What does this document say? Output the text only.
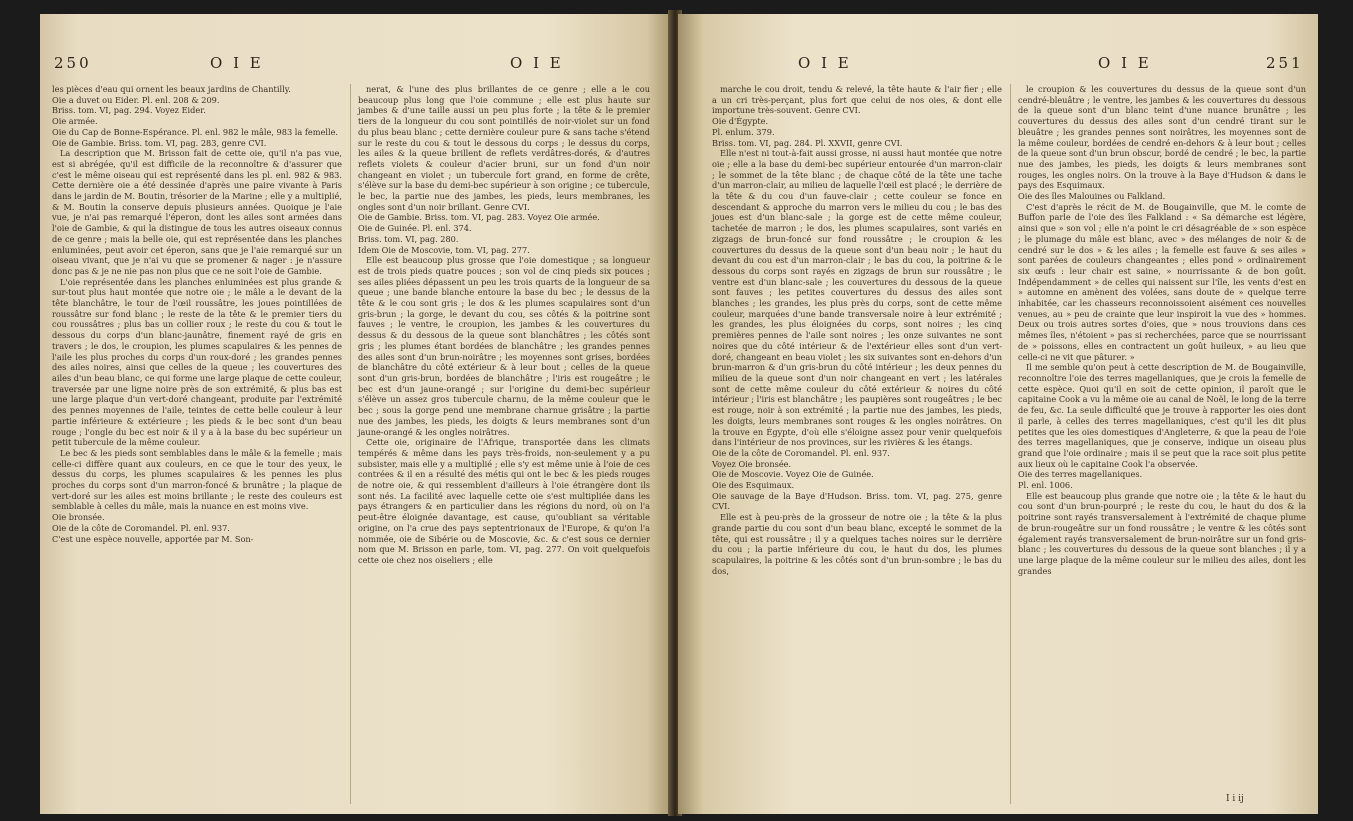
250	O I E	O I E

les pièces d'eau qui ornent les beaux jardins de Chantilly.

Oie a duvet ou Eider. Pl. enl. 208 & 209.

Briss. tom. VI, pag. 294. Voyez Eider.

Oie armée.

Oie du Cap de Bonne-Espérance. Pl. enl. 982 le mâle, 983 la femelle.

Oie de Gambie. Briss. tom. VI, pag. 283, genre CVI.

La description que M. Brisson fait de cette oie, qu'il n'a pas vue, est si abrégée, qu'il est difficile de la reconnoître & d'assurer que c'est le même oiseau qui est représenté dans les pl. enl. 982 & 983. Cette dernière oie a été dessinée d'après une paire vivante à Paris dans le jardin de M. Boutin, trésorier de la Marine ; elle y a multiplié, & M. Boutin la conserve depuis plusieurs années. Quoique je l'aie vue, je n'ai pas remarqué l'éperon, dont les ailes sont armées dans l'oie de Gambie, & qui la distingue de tous les autres oiseaux connus de ce genre ; mais la belle oie, qui est représentée dans les planches enluminées, peut avoir cet éperon, sans que je l'aie remarqué sur un oiseau vivant, que je n'ai vu que se promener & nager : je n'assure donc pas & je ne nie pas non plus que ce ne soit l'oie de Gambie.

L'oie représentée dans les planches enluminées est plus grande & sur-tout plus haut montée que notre oie ; le mâle a le devant de la tête blanchâtre, le tour de l'œil roussâtre, les joues pointillées de roussâtre sur fond blanc ; le reste de la tête & le premier tiers du cou roussâtres ; plus bas un collier roux ; le reste du cou & tout le dessous du corps d'un blanc-jaunâtre, finement rayé de gris en travers ; le dos, le croupion, les plumes scapulaires & les pennes de l'aile les plus proches du corps d'un roux-doré ; les grandes pennes des ailes noires, ainsi que celles de la queue ; les couvertures des ailes d'un beau blanc, ce qui forme une large plaque de cette couleur, traversée par une ligne noire près de son extrémité, & plus bas est une large plaque d'un vert-doré changeant, produite par l'extrémité des pennes moyennes de l'aile, teintes de cette belle couleur à leur partie inférieure & extérieure ; les pieds & le bec sont d'un beau rouge ; l'ongle du bec est noir & il y a à la base du bec supérieur un petit tubercule de la même couleur.

Le bec & les pieds sont semblables dans le mâle & la femelle ; mais celle-ci diffère quant aux couleurs, en ce que le tour des yeux, le dessus du corps, les plumes scapulaires & les pennes les plus proches du corps sont d'un marron-foncé & brunâtre ; la plaque de vert-doré sur les ailes est moins brillante ; le reste des couleurs est semblable à celles du mâle, mais la nuance en est moins vive.

Oie bronsée.

Oie de la côte de Coromandel. Pl. enl. 937.

C'est une espèce nouvelle, apportée par M. Son-

nerat, & l'une des plus brillantes de ce genre ; elle a le cou beaucoup plus long que l'oie commune ; elle est plus haute sur jambes & d'une taille aussi un peu plus forte ; la tête & le premier tiers de la longueur du cou sont pointillés de noir-violet sur un fond du plus beau blanc ; cette dernière couleur pure & sans tache s'étend sur le reste du cou & tout le dessous du corps ; le dessus du corps, les ailes & la queue brillent de reflets verdâtres-dorés, & d'autres reflets violets & couleur d'acier bruni, sur un fond d'un noir changeant en violet ; un tubercule fort grand, en forme de crête, s'élève sur la base du demi-bec supérieur à son origine ; ce tubercule, le bec, la partie nue des jambes, les pieds, leurs membranes, les ongles sont d'un noir brillant. Genre CVI.

Oie de Gambie. Briss. tom. VI, pag. 283. Voyez Oie armée.

Oie de Guinée. Pl. enl. 374.

Briss. tom. VI, pag. 280.

Idem Oie de Moscovie, tom. VI, pag. 277.

Elle est beaucoup plus grosse que l'oie domestique ; sa longueur est de trois pieds quatre pouces ; son vol de cinq pieds six pouces ; ses ailes pliées dépassent un peu les trois quarts de la longueur de sa queue ; une bande blanche entoure la base du bec ; le dessus de la tête & le cou sont gris ; le dos & les plumes scapulaires sont d'un gris-brun ; la gorge, le devant du cou, ses côtés & la poitrine sont fauves ; le ventre, le croupion, les jambes & les couvertures du dessus & du dessous de la queue sont blanchâtres ; les côtés sont gris ; les plumes étant bordées de blanchâtre ; les grandes pennes des ailes sont d'un brun-noirâtre ; les moyennes sont grises, bordées de blanchâtre du côté extérieur & à leur bout ; celles de la queue sont d'un gris-brun, bordées de blanchâtre ; l'iris est rougeâtre ; le bec est d'un jaune-orangé ; sur l'origine du demi-bec supérieur s'élève un assez gros tubercule charnu, de la même couleur que le bec ; sous la gorge pend une membrane charnue grisâtre ; la partie nue des jambes, les pieds, les doigts & leurs membranes sont d'un jaune-orangé & les ongles noirâtres.

Cette oie, originaire de l'Afrique, transportée dans les climats tempérés & même dans les pays très-froids, non-seulement y a pu subsister, mais elle y a multiplié ; elle s'y est même unie à l'oie de ces contrées & il en a résulté des métis qui ont le bec & les pieds rouges de notre oie, & qui ressemblent d'ailleurs à l'oie étrangère dont ils sont nés. La facilité avec laquelle cette oie s'est multipliée dans les pays étrangers & en particulier dans les régions du nord, où on l'a peut-être éloignée davantage, est cause, qu'oubliant sa véritable origine, on l'a crue des pays septentrionaux de l'Europe, & qu'on l'a nommée, oie de Sibérie ou de Moscovie, &c. & c'est sous ce dernier nom que M. Brisson en parle, tom. VI, pag. 277. On voit quelquefois cette oie chez nos oiseliers ; elle

O I E	O I E	251

marche le cou droit, tendu & relevé, la tête haute & l'air fier ; elle a un cri très-perçant, plus fort que celui de nos oies, & dont elle importune très-souvent. Genre CVI.

Oie d'Égypte.

Pl. enlum. 379.

Briss. tom. VI, pag. 284. Pl. XXVII, genre CVI.

Elle n'est ni tout-à-fait aussi grosse, ni aussi haut montée que notre oie ; elle a la base du demi-bec supérieur entourée d'un marron-clair ; le sommet de la tête blanc ; de chaque côté de la tête une tache d'un marron-clair, au milieu de laquelle l'œil est placé ; le derrière de la tête & du cou d'un fauve-clair ; cette couleur se fonce en descendant & approche du marron vers le milieu du cou ; le bas des joues est d'un blanc-sale ; la gorge est de cette même couleur, tachetée de marron ; le dos, les plumes scapulaires, sont variés en zigzags de brun-foncé sur fond roussâtre ; le croupion & les couvertures du dessus de la queue sont d'un beau noir ; le haut du devant du cou est d'un marron-clair ; le bas du cou, la poitrine & le dessous du corps sont rayés en zigzags de brun sur roussâtre ; le ventre est d'un blanc-sale ; les couvertures du dessous de la queue sont fauves ; les petites couvertures du dessus des ailes sont blanches ; les grandes, les plus près du corps, sont de cette même couleur, marquées d'une bande transversale noire à leur extrémité ; les grandes, les plus éloignées du corps, sont noires ; les cinq premières pennes de l'aile sont noires ; les onze suivantes ne sont noires que du côté intérieur & de l'extérieur elles sont d'un vert-doré, changeant en beau violet ; les six suivantes sont en-dehors d'un brun-marron & d'un gris-brun du côté intérieur ; les deux pennes du milieu de la queue sont d'un noir changeant en vert ; les latérales sont de cette même couleur du côté extérieur & noires du côté intérieur ; l'iris est blanchâtre ; les paupières sont rougeâtres ; le bec est rouge, noir à son extrémité ; la partie nue des jambes, les pieds, les doigts, leurs membranes sont rouges & les ongles noirâtres. On la trouve en Égypte, d'où elle s'éloigne assez pour venir quelquefois dans l'intérieur de nos provinces, sur les rivières & les étangs.

Oie de la côte de Coromandel. Pl. enl. 937.

Voyez Oie bronsée.

Oie de Moscovie. Voyez Oie de Guinée.

Oie des Esquimaux.

Oie sauvage de la Baye d'Hudson. Briss. tom. VI, pag. 275, genre CVI.

Elle est à peu-près de la grosseur de notre oie ; la tête & la plus grande partie du cou sont d'un beau blanc, excepté le sommet de la tête, qui est roussâtre ; il y a quelques taches noires sur le derrière du cou ; la partie inférieure du cou, le haut du dos, les plumes scapulaires, la poitrine & les côtés sont d'un brun-sombre ; le bas du dos,

le croupion & les couvertures du dessus de la queue sont d'un cendré-bleuâtre ; le ventre, les jambes & les couvertures du dessous de la queue sont d'un blanc teint d'une nuance brunâtre ; les couvertures du dessus des ailes sont d'un cendré tirant sur le bleuâtre ; les grandes pennes sont noirâtres, les moyennes sont de la même couleur, bordées de cendré en-dehors & à leur bout ; celles de la queue sont d'un brun obscur, bordé de cendré ; le bec, la partie nue des jambes, les pieds, les doigts & leurs membranes sont rouges, les ongles noirs. On la trouve à la Baye d'Hudson & dans le pays des Esquimaux.

Oie des îles Malouines ou Falkland.

C'est d'après le récit de M. de Bougainville, que M. le comte de Buffon parle de l'oie des îles Falkland : « Sa démarche est légère, ainsi que » son vol ; elle n'a point le cri désagréable de » son espèce ; le plumage du mâle est blanc, avec » des mélanges de noir & de cendré sur le dos » & les ailes ; la femelle est fauve & ses ailes » sont parées de couleurs changeantes ; elles pond » ordinairement six œufs : leur chair est saine, » nourrissante & de bon goût. Indépendamment » de celles qui naissent sur l'île, les vents d'est en » automne en amènent des volées, sans doute de » quelque terre inhabitée, car les chasseurs reconnoissoient aisément ces nouvelles venues, au » peu de crainte que leur inspiroit la vue des » hommes. Deux ou trois autres sortes d'oies, que » nous trouvions dans ces mêmes îles, n'étoient » pas si recherchées, parce que se nourrissant de » poissons, elles en contractent un goût huileux, » au lieu que celle-ci ne vit que pâturer. »

Il me semble qu'on peut à cette description de M. de Bougainville, reconnoître l'oie des terres magellaniques, que je crois la femelle de cette espèce. Quoi qu'il en soit de cette opinion, il paroît que le capitaine Cook a vu la même oie au canal de Noël, le long de la terre de feu, &c. La seule difficulté que je trouve à rapporter les oies dont il parle, à celles des terres magellaniques, c'est qu'il les dit plus petites que les oies domestiques d'Angleterre, & que la peau de l'oie des terres magellaniques, que je conserve, indique un oiseau plus grand que l'oie ordinaire ; mais il se peut que la race soit plus petite aux lieux où le capitaine Cook l'a observée.

Oie des terres magellaniques.

Pl. enl. 1006.

Elle est beaucoup plus grande que notre oie ; la tête & le haut du cou sont d'un brun-pourpré ; le reste du cou, le haut du dos & la poitrine sont rayés transversalement à l'extrémité de chaque plume de brun-rougeâtre sur un fond roussâtre ; le ventre & les côtés sont également rayés transversalement de brun-noirâtre sur un fond gris-blanc ; les couvertures du dessous de la queue sont blanches ; il y a une large plaque de la même couleur sur le milieu des ailes, dont les grandes

I i ij
